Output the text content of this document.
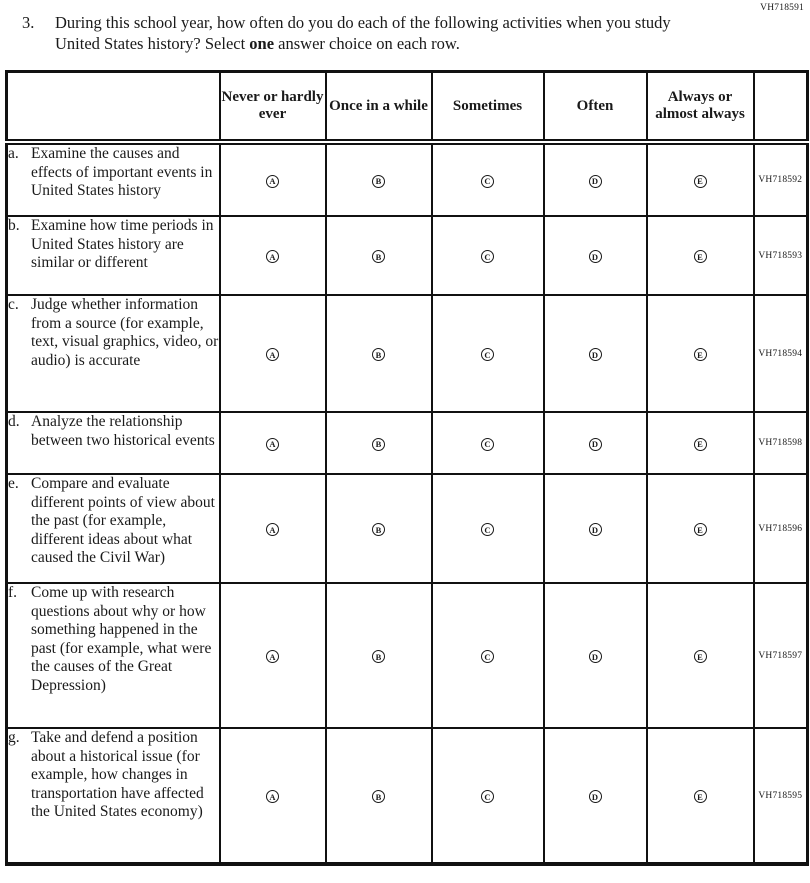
VH718591
3.	During this school year, how often do you do each of the following activities when you study United States history? Select one answer choice on each row.
	Never or hardly ever	Once in a while	Sometimes	Often	Always or almost always	

a. Examine the causes and effects of important events in United States history	A	B	C	D	E	VH718592

b. Examine how time periods in United States history are similar or different	A	B	C	D	E	VH718593

c. Judge whether information from a source (for example, text, visual graphics, video, or audio) is accurate	A	B	C	D	E	VH718594

d. Analyze the relationship between two historical events	A	B	C	D	E	VH718598

e. Compare and evaluate different points of view about the past (for example, different ideas about what caused the Civil War)	A	B	C	D	E	VH718596

f. Come up with research questions about why or how something happened in the past (for example, what were the causes of the Great Depression)	A	B	C	D	E	VH718597

g. Take and defend a position about a historical issue (for example, how changes in transportation have affected the United States economy)	A	B	C	D	E	VH718595
